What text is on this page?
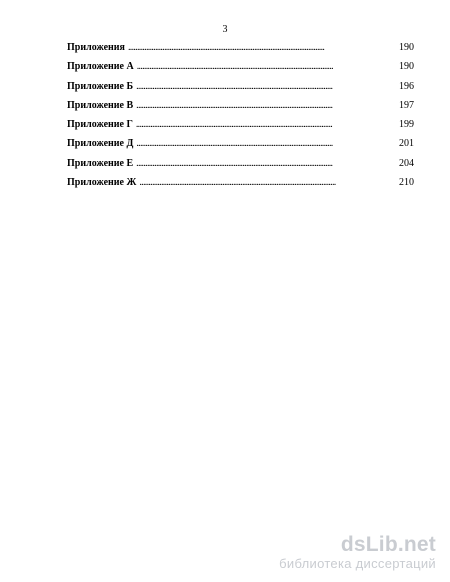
3
Приложения . . .	190
Приложение А . . .	190
Приложение Б . . .	196
Приложение В . . .	197
Приложение Г . . .	199
Приложение Д . . .	201
Приложение Е . . .	204
Приложение Ж . . .	210
dsLib.net
библиотека диссертаций
